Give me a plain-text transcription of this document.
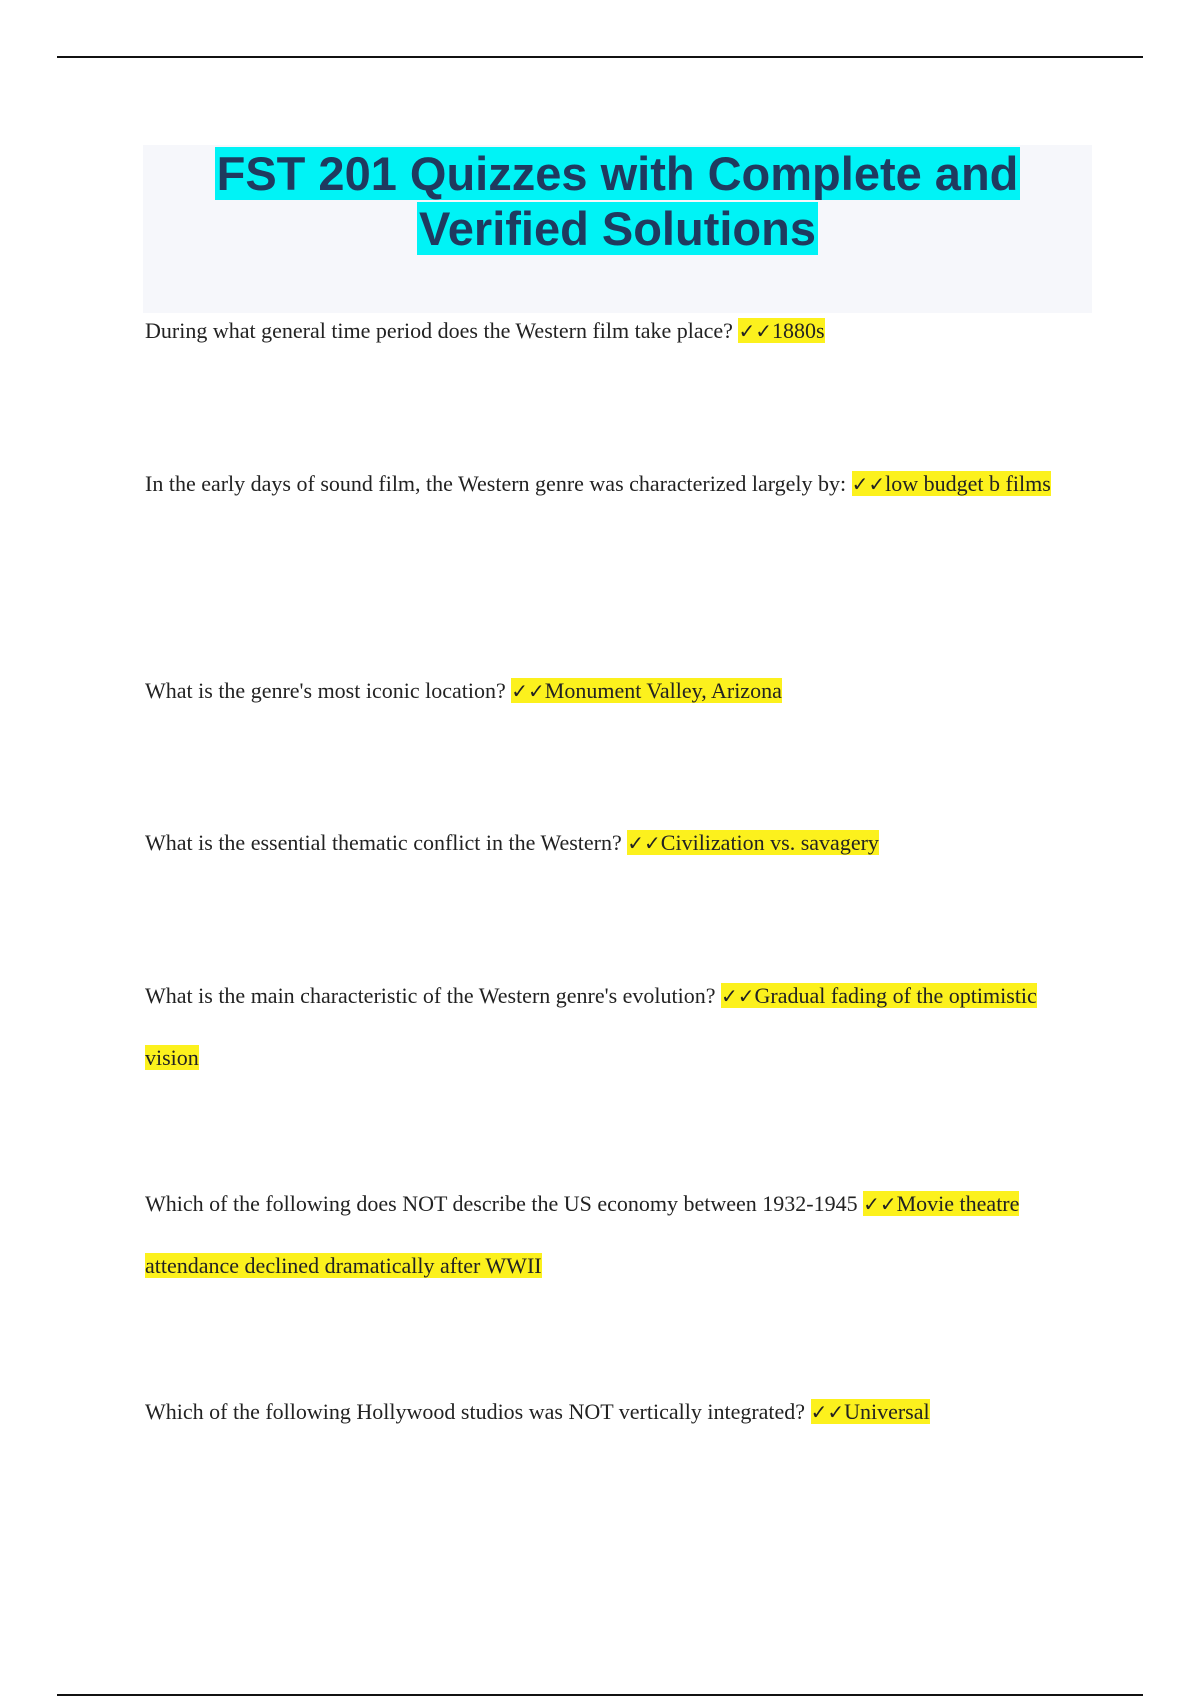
FST 201 Quizzes with Complete and
Verified Solutions

During what general time period does the Western film take place? ✓✓1880s

In the early days of sound film, the Western genre was characterized largely by: ✓✓low budget b films

What is the genre's most iconic location? ✓✓Monument Valley, Arizona

What is the essential thematic conflict in the Western? ✓✓Civilization vs. savagery

What is the main characteristic of the Western genre's evolution? ✓✓Gradual fading of the optimistic vision

Which of the following does NOT describe the US economy between 1932-1945 ✓✓Movie theatre attendance declined dramatically after WWII

Which of the following Hollywood studios was NOT vertically integrated? ✓✓Universal
